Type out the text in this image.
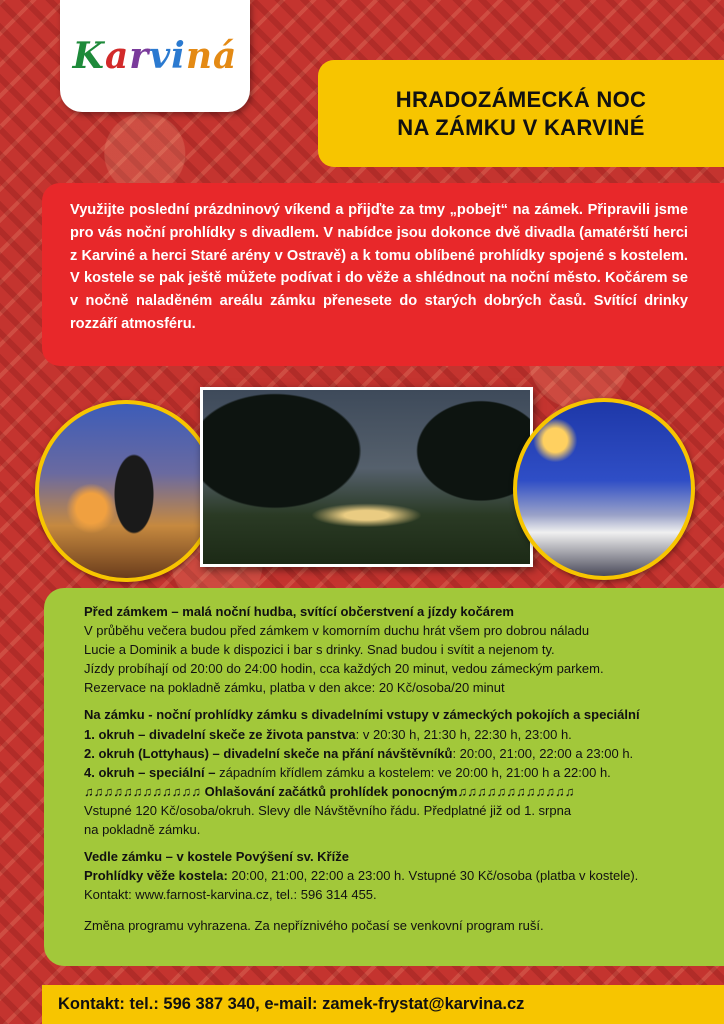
K a r vi ná
HRADOZÁMECKÁ NOC
NA ZÁMKU V KARVINÉ

Využijte poslední prázdninový víkend a přijďte za tmy „pobejt“ na zámek. Připravili jsme pro vás noční prohlídky s divadlem. V nabídce jsou dokonce dvě divadla (amatérští herci z Karviné a herci Staré arény v Ostravě) a k tomu oblíbené prohlídky spojené s kostelem. V kostele se pak ještě můžete podívat i do věže a shlédnout na noční město. Kočárem se v nočně naladěném areálu zámku přenesete do starých dobrých časů. Svítící drinky rozzáří atmosféru.

Před zámkem – malá noční hudba, svítící občerstvení a jízdy kočárem
V průběhu večera budou před zámkem v komorním duchu hrát všem pro dobrou náladu
Lucie a Dominik a bude k dispozici i bar s drinky. Snad budou i svítit a nejenom ty.
Jízdy probíhají od 20:00 do 24:00 hodin, cca každých 20 minut, vedou zámeckým parkem.
Rezervace na pokladně zámku, platba v den akce: 20 Kč/osoba/20 minut
Na zámku - noční prohlídky zámku s divadelními vstupy v zámeckých pokojích a speciální
1. okruh – divadelní skeče ze života panstva: v 20:30 h, 21:30 h, 22:30 h, 23:00 h.
2. okruh (Lottyhaus) – divadelní skeče na přání návštěvníků: 20:00, 21:00, 22:00 a 23:00 h.
4. okruh – speciální – západním křídlem zámku a kostelem: ve 20:00 h, 21:00 h a 22:00 h.
♫♫♫♫♫♫♫♫♫♫♫♫ Ohlašování začátků prohlídek ponocným♫♫♫♫♫♫♫♫♫♫♫♫
Vstupné 120 Kč/osoba/okruh. Slevy dle Návštěvního řádu. Předplatné již od 1. srpna
na pokladně zámku.
Vedle zámku – v kostele Povýšení sv. Kříže
Prohlídky věže kostela: 20:00, 21:00, 22:00 a 23:00 h. Vstupné 30 Kč/osoba (platba v kostele).
Kontakt: www.farnost-karvina.cz, tel.: 596 314 455.
Změna programu vyhrazena. Za nepříznivého počasí se venkovní program ruší.
Kontakt: tel.: 596 387 340, e-mail: zamek-frystat@karvina.cz
